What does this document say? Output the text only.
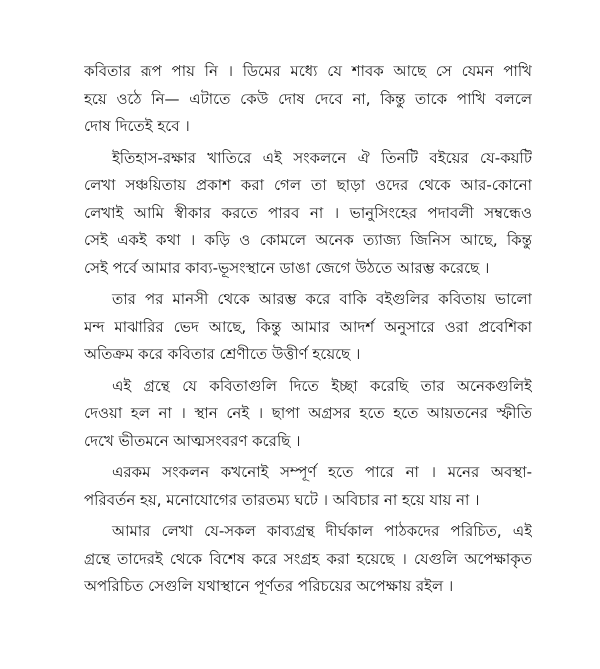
কবিতার রূপ পায় নি । ডিমের মধ্যে যে শাবক আছে সে যেমন পাখি
হয়ে ওঠে নি— এটাতে কেউ দোষ দেবে না, কিন্তু তাকে পাখি বললে
দোষ দিতেই হবে ।
ইতিহাস-রক্ষার খাতিরে এই সংকলনে ঐ তিনটি বইয়ের যে-কয়টি
লেখা সঞ্চয়িতায় প্রকাশ করা গেল তা ছাড়া ওদের থেকে আর-কোনো
লেখাই আমি স্বীকার করতে পারব না । ভানুসিংহের পদাবলী সম্বন্ধেও
সেই একই কথা । কড়ি ও কোমলে অনেক ত্যাজ্য জিনিস আছে, কিন্তু
সেই পর্বে আমার কাব্য-ভূসংস্থানে ডাঙা জেগে উঠতে আরম্ভ করেছে ।
তার পর মানসী থেকে আরম্ভ করে বাকি বইগুলির কবিতায় ভালো
মন্দ মাঝারির ভেদ আছে, কিন্তু আমার আদর্শ অনুসারে ওরা প্রবেশিকা
অতিক্রম করে কবিতার শ্রেণীতে উত্তীর্ণ হয়েছে ।
এই গ্রন্থে যে কবিতাগুলি দিতে ইচ্ছা করেছি তার অনেকগুলিই
দেওয়া হল না । স্থান নেই । ছাপা অগ্রসর হতে হতে আয়তনের স্ফীতি
দেখে ভীতমনে আত্মসংবরণ করেছি ।
এরকম সংকলন কখনোই সম্পূর্ণ হতে পারে না । মনের অবস্থা-
পরিবর্তন হয়, মনোযোগের তারতম্য ঘটে । অবিচার না হয়ে যায় না ।
আমার লেখা যে-সকল কাব্যগ্রন্থ দীর্ঘকাল পাঠকদের পরিচিত, এই
গ্রন্থে তাদেরই থেকে বিশেষ করে সংগ্রহ করা হয়েছে । যেগুলি অপেক্ষাকৃত
অপরিচিত সেগুলি যথাস্থানে পূর্ণতর পরিচয়ের অপেক্ষায় রইল ।
